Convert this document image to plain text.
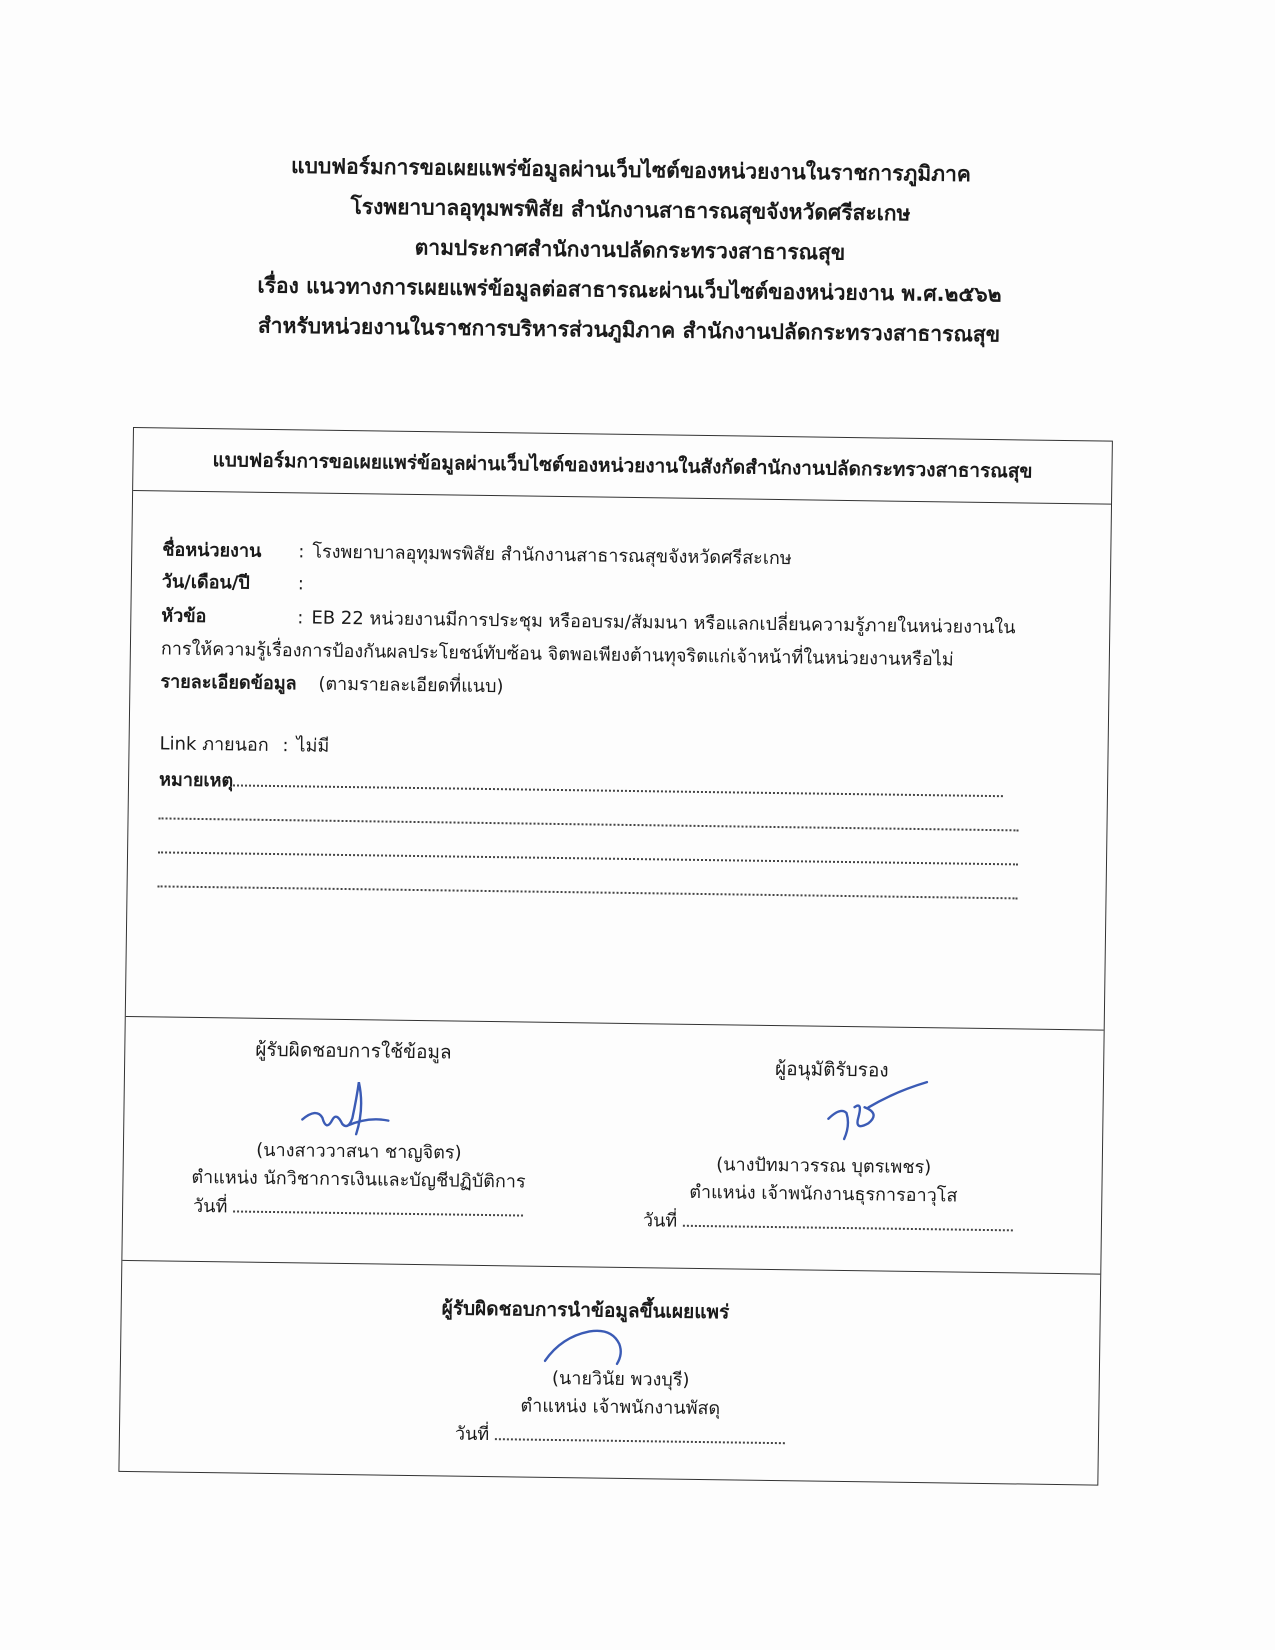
แบบฟอร์มการขอเผยแพร่ข้อมูลผ่านเว็บไซต์ของหน่วยงานในราชการภูมิภาค
โรงพยาบาลอุทุมพรพิสัย สำนักงานสาธารณสุขจังหวัดศรีสะเกษ
ตามประกาศสำนักงานปลัดกระทรวงสาธารณสุข
เรื่อง แนวทางการเผยแพร่ข้อมูลต่อสาธารณะผ่านเว็บไซต์ของหน่วยงาน พ.ศ.๒๕๖๒
สำหรับหน่วยงานในราชการบริหารส่วนภูมิภาค สำนักงานปลัดกระทรวงสาธารณสุข
แบบฟอร์มการขอเผยแพร่ข้อมูลผ่านเว็บไซต์ของหน่วยงานในสังกัดสำนักงานปลัดกระทรวงสาธารณสุข
ชื่อหน่วยงาน : โรงพยาบาลอุทุมพรพิสัย สำนักงานสาธารณสุขจังหวัดศรีสะเกษ
วัน/เดือน/ปี	:
หัวข้อ	: EB 22 หน่วยงานมีการประชุม หรืออบรม/สัมมนา หรือแลกเปลี่ยนความรู้ภายในหน่วยงานใน
การให้ความรู้เรื่องการป้องกันผลประโยชน์ทับซ้อน จิตพอเพียงต้านทุจริตแก่เจ้าหน้าที่ในหน่วยงานหรือไม่
รายละเอียดข้อมูล (ตามรายละเอียดที่แนบ)
Link ภายนอก : ไม่มี
หมายเหตุ
ผู้รับผิดชอบการใช้ข้อมูล
ผู้อนุมัติรับรอง
(นางสาววาสนา ชาญจิตร)
ตำแหน่ง นักวิชาการเงินและบัญชีปฏิบัติการ
วันที่
(นางปัทมาวรรณ บุตรเพชร)
ตำแหน่ง เจ้าพนักงานธุรการอาวุโส
วันที่
ผู้รับผิดชอบการนำข้อมูลขึ้นเผยแพร่
(นายวินัย พวงบุรี)
ตำแหน่ง เจ้าพนักงานพัสดุ
วันที่
